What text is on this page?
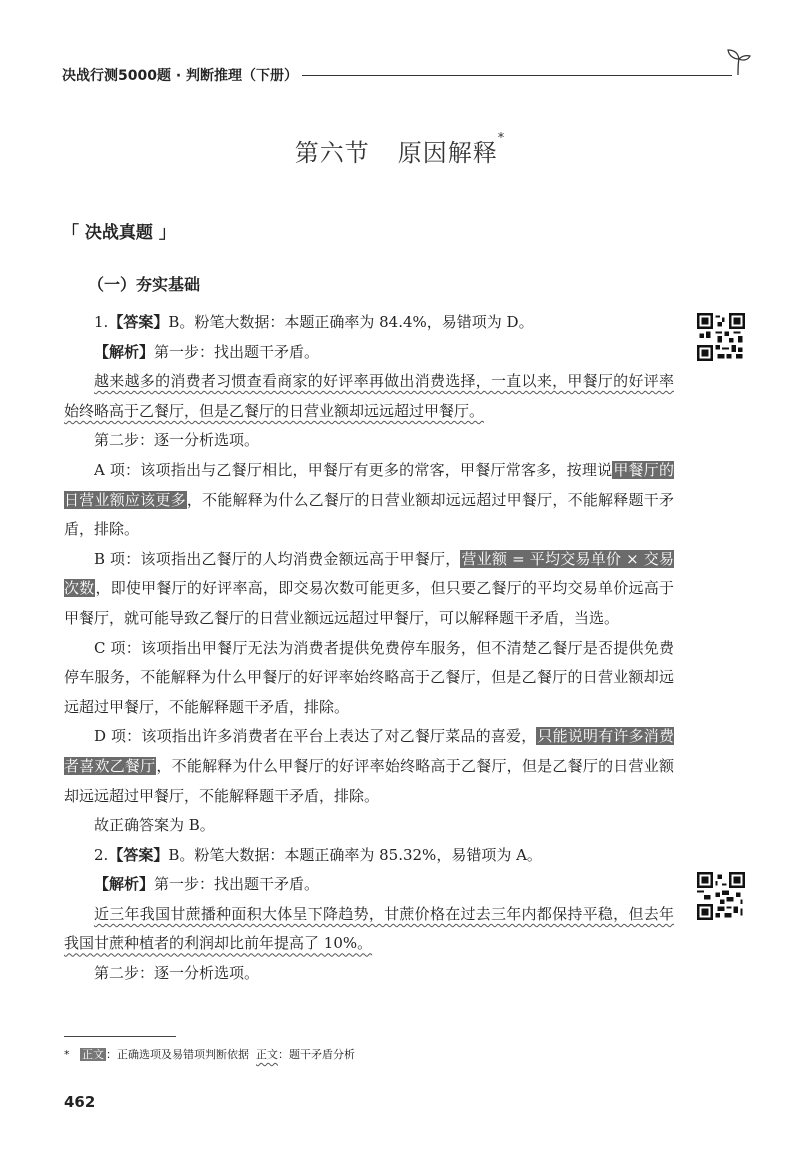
决战行测5000题 · 判断推理（下册）
第六节 原因解释*
「 决战真题 」
（一）夯实基础

1.【答案】B。粉笔大数据：本题正确率为 84.4%，易错项为 D。

【解析】第一步：找出题干矛盾。

越来越多的消费者习惯查看商家的好评率再做出消费选择，一直以来，甲餐厅的好评率始终略高于乙餐厅，但是乙餐厅的日营业额却远远超过甲餐厅。

第二步：逐一分析选项。

A 项：该项指出与乙餐厅相比，甲餐厅有更多的常客，甲餐厅常客多，按理说甲餐厅的日营业额应该更多，不能解释为什么乙餐厅的日营业额却远远超过甲餐厅，不能解释题干矛盾，排除。

B 项：该项指出乙餐厅的人均消费金额远高于甲餐厅，营业额 = 平均交易单价 × 交易次数，即使甲餐厅的好评率高，即交易次数可能更多，但只要乙餐厅的平均交易单价远高于甲餐厅，就可能导致乙餐厅的日营业额远远超过甲餐厅，可以解释题干矛盾，当选。

C 项：该项指出甲餐厅无法为消费者提供免费停车服务，但不清楚乙餐厅是否提供免费停车服务，不能解释为什么甲餐厅的好评率始终略高于乙餐厅，但是乙餐厅的日营业额却远远超过甲餐厅，不能解释题干矛盾，排除。

D 项：该项指出许多消费者在平台上表达了对乙餐厅菜品的喜爱，只能说明有许多消费者喜欢乙餐厅，不能解释为什么甲餐厅的好评率始终略高于乙餐厅，但是乙餐厅的日营业额却远远超过甲餐厅，不能解释题干矛盾，排除。

故正确答案为 B。

2.【答案】B。粉笔大数据：本题正确率为 85.32%，易错项为 A。

【解析】第一步：找出题干矛盾。

近三年我国甘蔗播种面积大体呈下降趋势，甘蔗价格在过去三年内都保持平稳，但去年我国甘蔗种植者的利润却比前年提高了 10%。

第二步：逐一分析选项。

* 正文 ：正确选项及易错项判断依据 正文：题干矛盾分析
462
